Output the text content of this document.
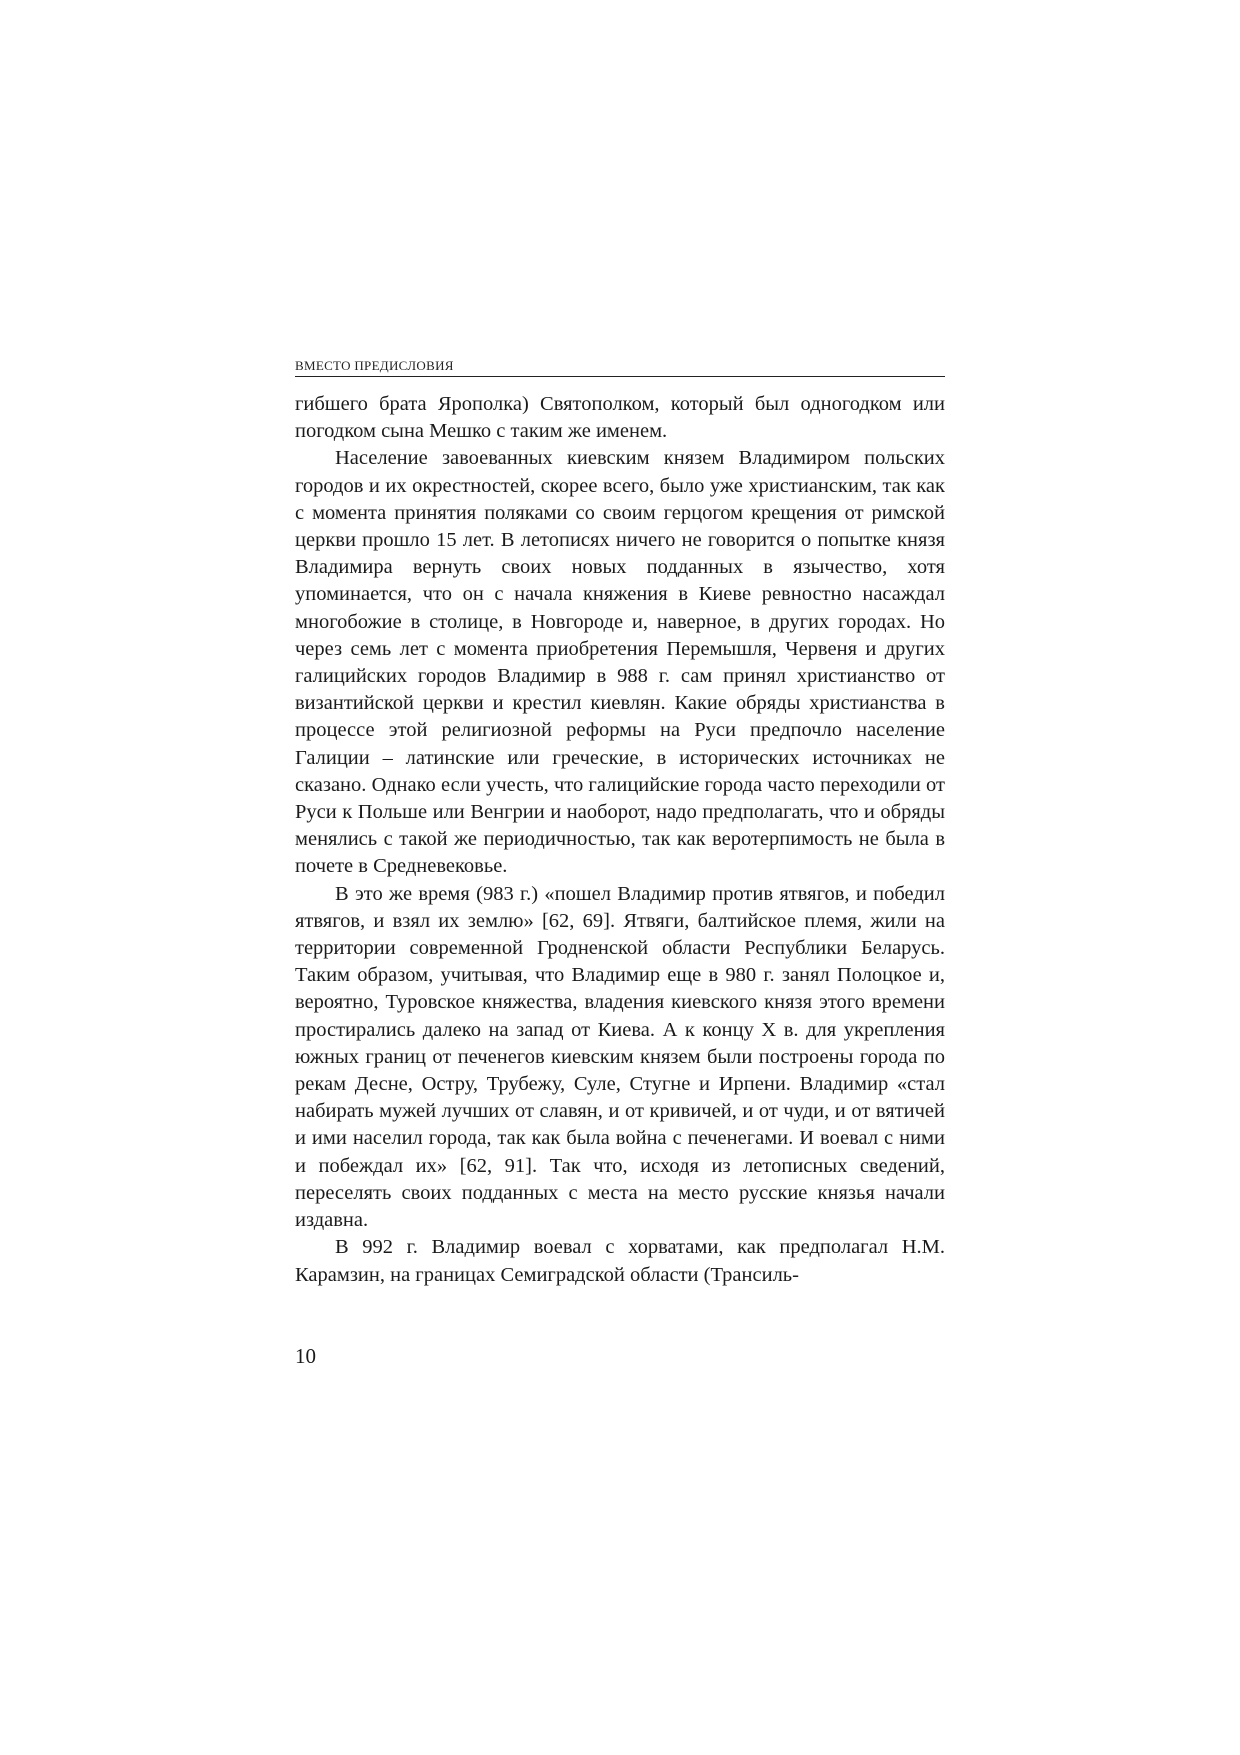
ВМЕСТО ПРЕДИСЛОВИЯ

гибшего брата Ярополка) Святополком, который был одногодком или погодком сына Мешко с таким же именем.

Население завоеванных киевским князем Владимиром польских городов и их окрестностей, скорее всего, было уже христианским, так как с момента принятия поляками со своим герцогом крещения от римской церкви прошло 15 лет. В летописях ничего не говорится о попытке князя Владимира вернуть своих новых подданных в язычество, хотя упоминается, что он с начала княжения в Киеве ревностно насаждал многобожие в столице, в Новгороде и, наверное, в других городах. Но через семь лет с момента приобретения Перемышля, Червеня и других галицийских городов Владимир в 988 г. сам принял христианство от византийской церкви и крестил киевлян. Какие обряды христианства в процессе этой религиозной реформы на Руси предпочло население Галиции – латинские или греческие, в исторических источниках не сказано. Однако если учесть, что галицийские города часто переходили от Руси к Польше или Венгрии и наоборот, надо предполагать, что и обряды менялись с такой же периодичностью, так как веротерпимость не была в почете в Средневековье.

В это же время (983 г.) «пошел Владимир против ятвягов, и победил ятвягов, и взял их землю» [62, 69]. Ятвяги, балтийское племя, жили на территории современной Гродненской области Республики Беларусь. Таким образом, учитывая, что Владимир еще в 980 г. занял Полоцкое и, вероятно, Туровское княжества, владения киевского князя этого времени простирались далеко на запад от Киева. А к концу X в. для укрепления южных границ от печенегов киевским князем были построены города по рекам Десне, Остру, Трубежу, Суле, Стугне и Ирпени. Владимир «стал набирать мужей лучших от славян, и от кривичей, и от чуди, и от вятичей и ими населил города, так как была война с печенегами. И воевал с ними и побеждал их» [62, 91]. Так что, исходя из летописных сведений, переселять своих подданных с места на место русские князья начали издавна.

В 992 г. Владимир воевал с хорватами, как предполагал Н.М. Карамзин, на границах Семиградской области (Трансиль-

10
